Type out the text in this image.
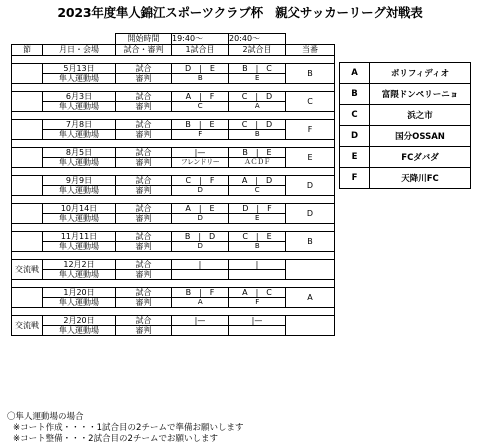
2023年度隼人錦江スポーツクラブ杯　親父サッカーリーグ対戦表
		開始時間	19:40～	20:40～	
節	月日・会場	試合・審判	1試合目	2試合目	当番

	5月13日	試合	D　|　E	B　|　C	B
	隼人運動場	審判	B	E	

	6月3日	試合	A　|　F	C　|　D	C
	隼人運動場	審判	C	A	

	7月8日	試合	B　|　E	C　|　D	F
	隼人運動場	審判	F	B	

	8月5日	試合	|—	B　|　E	E
	隼人運動場	審判	フレンドリー	ＡＣＤＦ	

	9月9日	試合	C　|　F	A　|　D	D
	隼人運動場	審判	D	C	

	10月14日	試合	A　|　E	D　|　F	D
	隼人運動場	審判	D	E	

	11月11日	試合	B　|　D	C　|　E	B
	隼人運動場	審判	D	B	

交流戦	12月2日	試合	|	|	
	隼人運動場	審判			

	1月20日	試合	B　|　F	A　|　C	A
	隼人運動場	審判	A	F	

交流戦	2月20日	試合	|—	|—	
	隼人運動場	審判			
A	ポリフィディオ
B	富隈ドンペリーニョ
C	浜之市
D	国分OSSAN
E	FCダバダ
F	天降川FC
〇隼人運動場の場合
※コート作成・・・・1試合目の2チームで準備お願いします
※コート整備・・・2試合目の2チームでお願いします
